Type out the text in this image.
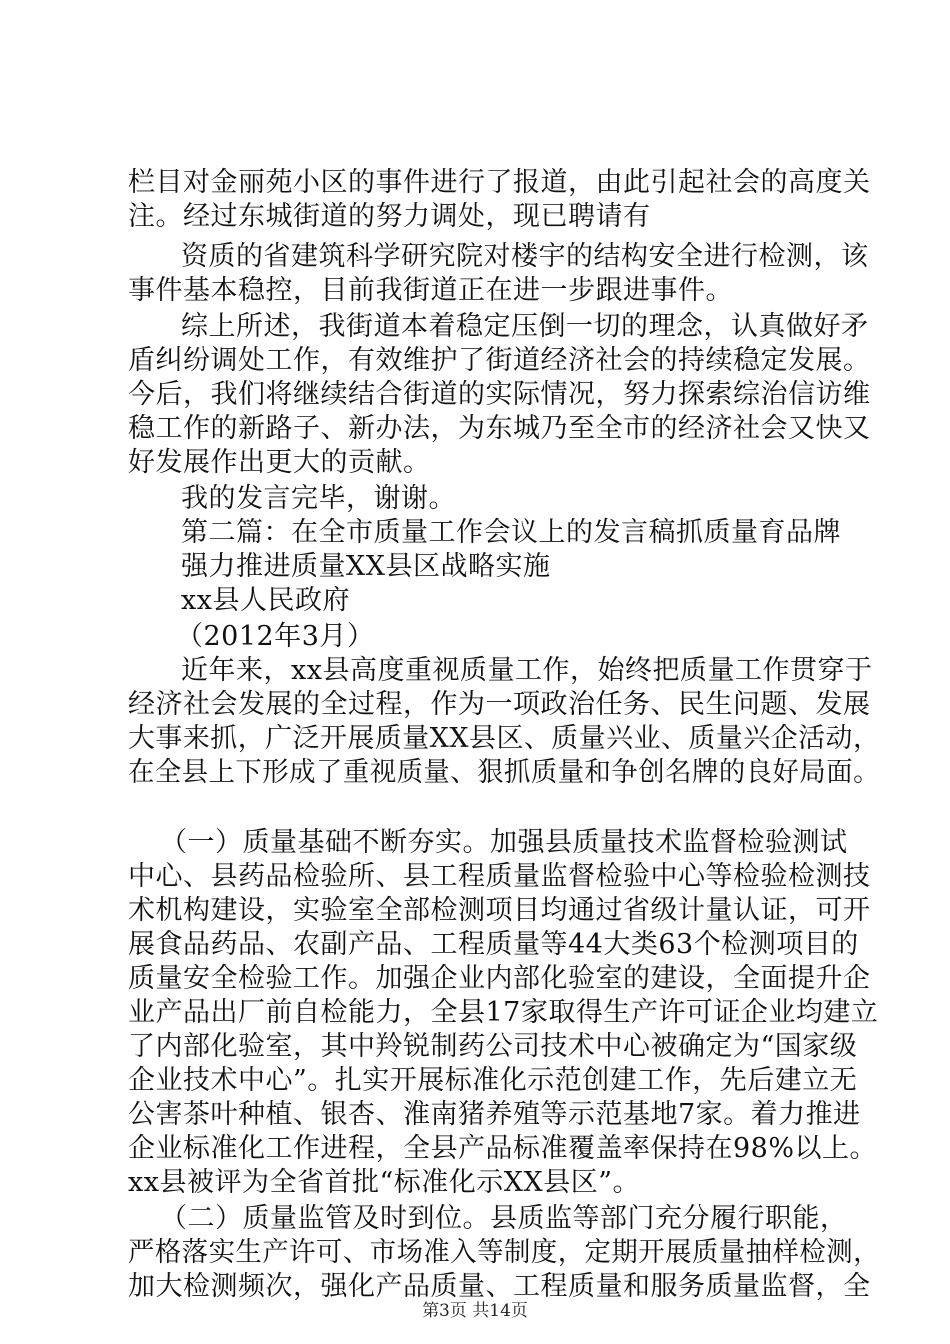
栏目对金丽苑小区的事件进行了报道，由此引起社会的高度关
注。经过东城街道的努力调处，现已聘请有
资质的省建筑科学研究院对楼宇的结构安全进行检测，该
事件基本稳控，目前我街道正在进一步跟进事件。
综上所述，我街道本着稳定压倒一切的理念，认真做好矛
盾纠纷调处工作，有效维护了街道经济社会的持续稳定发展。
今后，我们将继续结合街道的实际情况，努力探索综治信访维
稳工作的新路子、新办法，为东城乃至全市的经济社会又快又
好发展作出更大的贡献。
我的发言完毕，谢谢。
第二篇：在全市质量工作会议上的发言稿抓质量育品牌
强力推进质量XX县区战略实施
xx县人民政府
（2012年3月）
近年来，xx县高度重视质量工作，始终把质量工作贯穿于
经济社会发展的全过程，作为一项政治任务、民生问题、发展
大事来抓，广泛开展质量XX县区、质量兴业、质量兴企活动，
在全县上下形成了重视质量、狠抓质量和争创名牌的良好局面。
（一）质量基础不断夯实。加强县质量技术监督检验测试
中心、县药品检验所、县工程质量监督检验中心等检验检测技
术机构建设，实验室全部检测项目均通过省级计量认证，可开
展食品药品、农副产品、工程质量等44大类63个检测项目的
质量安全检验工作。加强企业内部化验室的建设，全面提升企
业产品出厂前自检能力，全县17家取得生产许可证企业均建立
了内部化验室，其中羚锐制药公司技术中心被确定为“国家级
企业技术中心”。扎实开展标准化示范创建工作，先后建立无
公害茶叶种植、银杏、淮南猪养殖等示范基地7家。着力推进
企业标准化工作进程，全县产品标准覆盖率保持在98%以上。
xx县被评为全省首批“标准化示XX县区”。
（二）质量监管及时到位。县质监等部门充分履行职能，
严格落实生产许可、市场准入等制度，定期开展质量抽样检测，
加大检测频次，强化产品质量、工程质量和服务质量监督，全
第3页 共14页
